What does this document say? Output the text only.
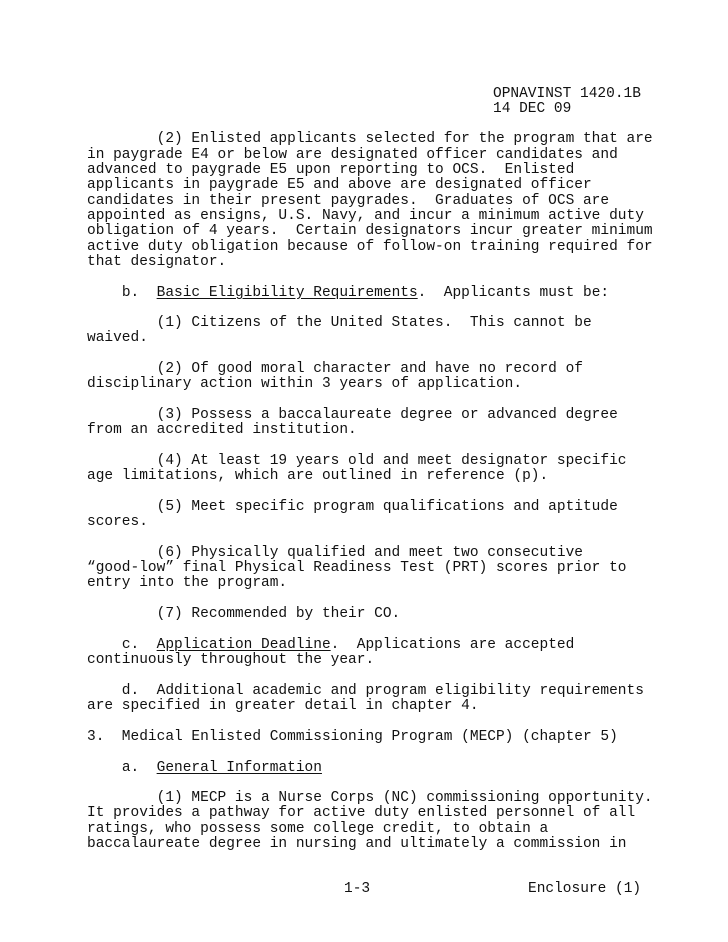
OPNAVINST 1420.1B
14 DEC 09
(2) Enlisted applicants selected for the program that are
in paygrade E4 or below are designated officer candidates and
advanced to paygrade E5 upon reporting to OCS.  Enlisted
applicants in paygrade E5 and above are designated officer
candidates in their present paygrades.  Graduates of OCS are
appointed as ensigns, U.S. Navy, and incur a minimum active duty
obligation of 4 years.  Certain designators incur greater minimum
active duty obligation because of follow-on training required for
that designator.
b. Basic Eligibility Requirements.  Applicants must be:
(1) Citizens of the United States.  This cannot be
waived.
(2) Of good moral character and have no record of
disciplinary action within 3 years of application.
(3) Possess a baccalaureate degree or advanced degree
from an accredited institution.
(4) At least 19 years old and meet designator specific
age limitations, which are outlined in reference (p).
(5) Meet specific program qualifications and aptitude
scores.
(6) Physically qualified and meet two consecutive
“good-low” final Physical Readiness Test (PRT) scores prior to
entry into the program.
(7) Recommended by their CO.
c. Application Deadline.  Applications are accepted
continuously throughout the year.
d.  Additional academic and program eligibility requirements
are specified in greater detail in chapter 4.
3.  Medical Enlisted Commissioning Program (MECP) (chapter 5)
a. General Information
(1) MECP is a Nurse Corps (NC) commissioning opportunity.
It provides a pathway for active duty enlisted personnel of all
ratings, who possess some college credit, to obtain a
baccalaureate degree in nursing and ultimately a commission in
1-3	Enclosure (1)
